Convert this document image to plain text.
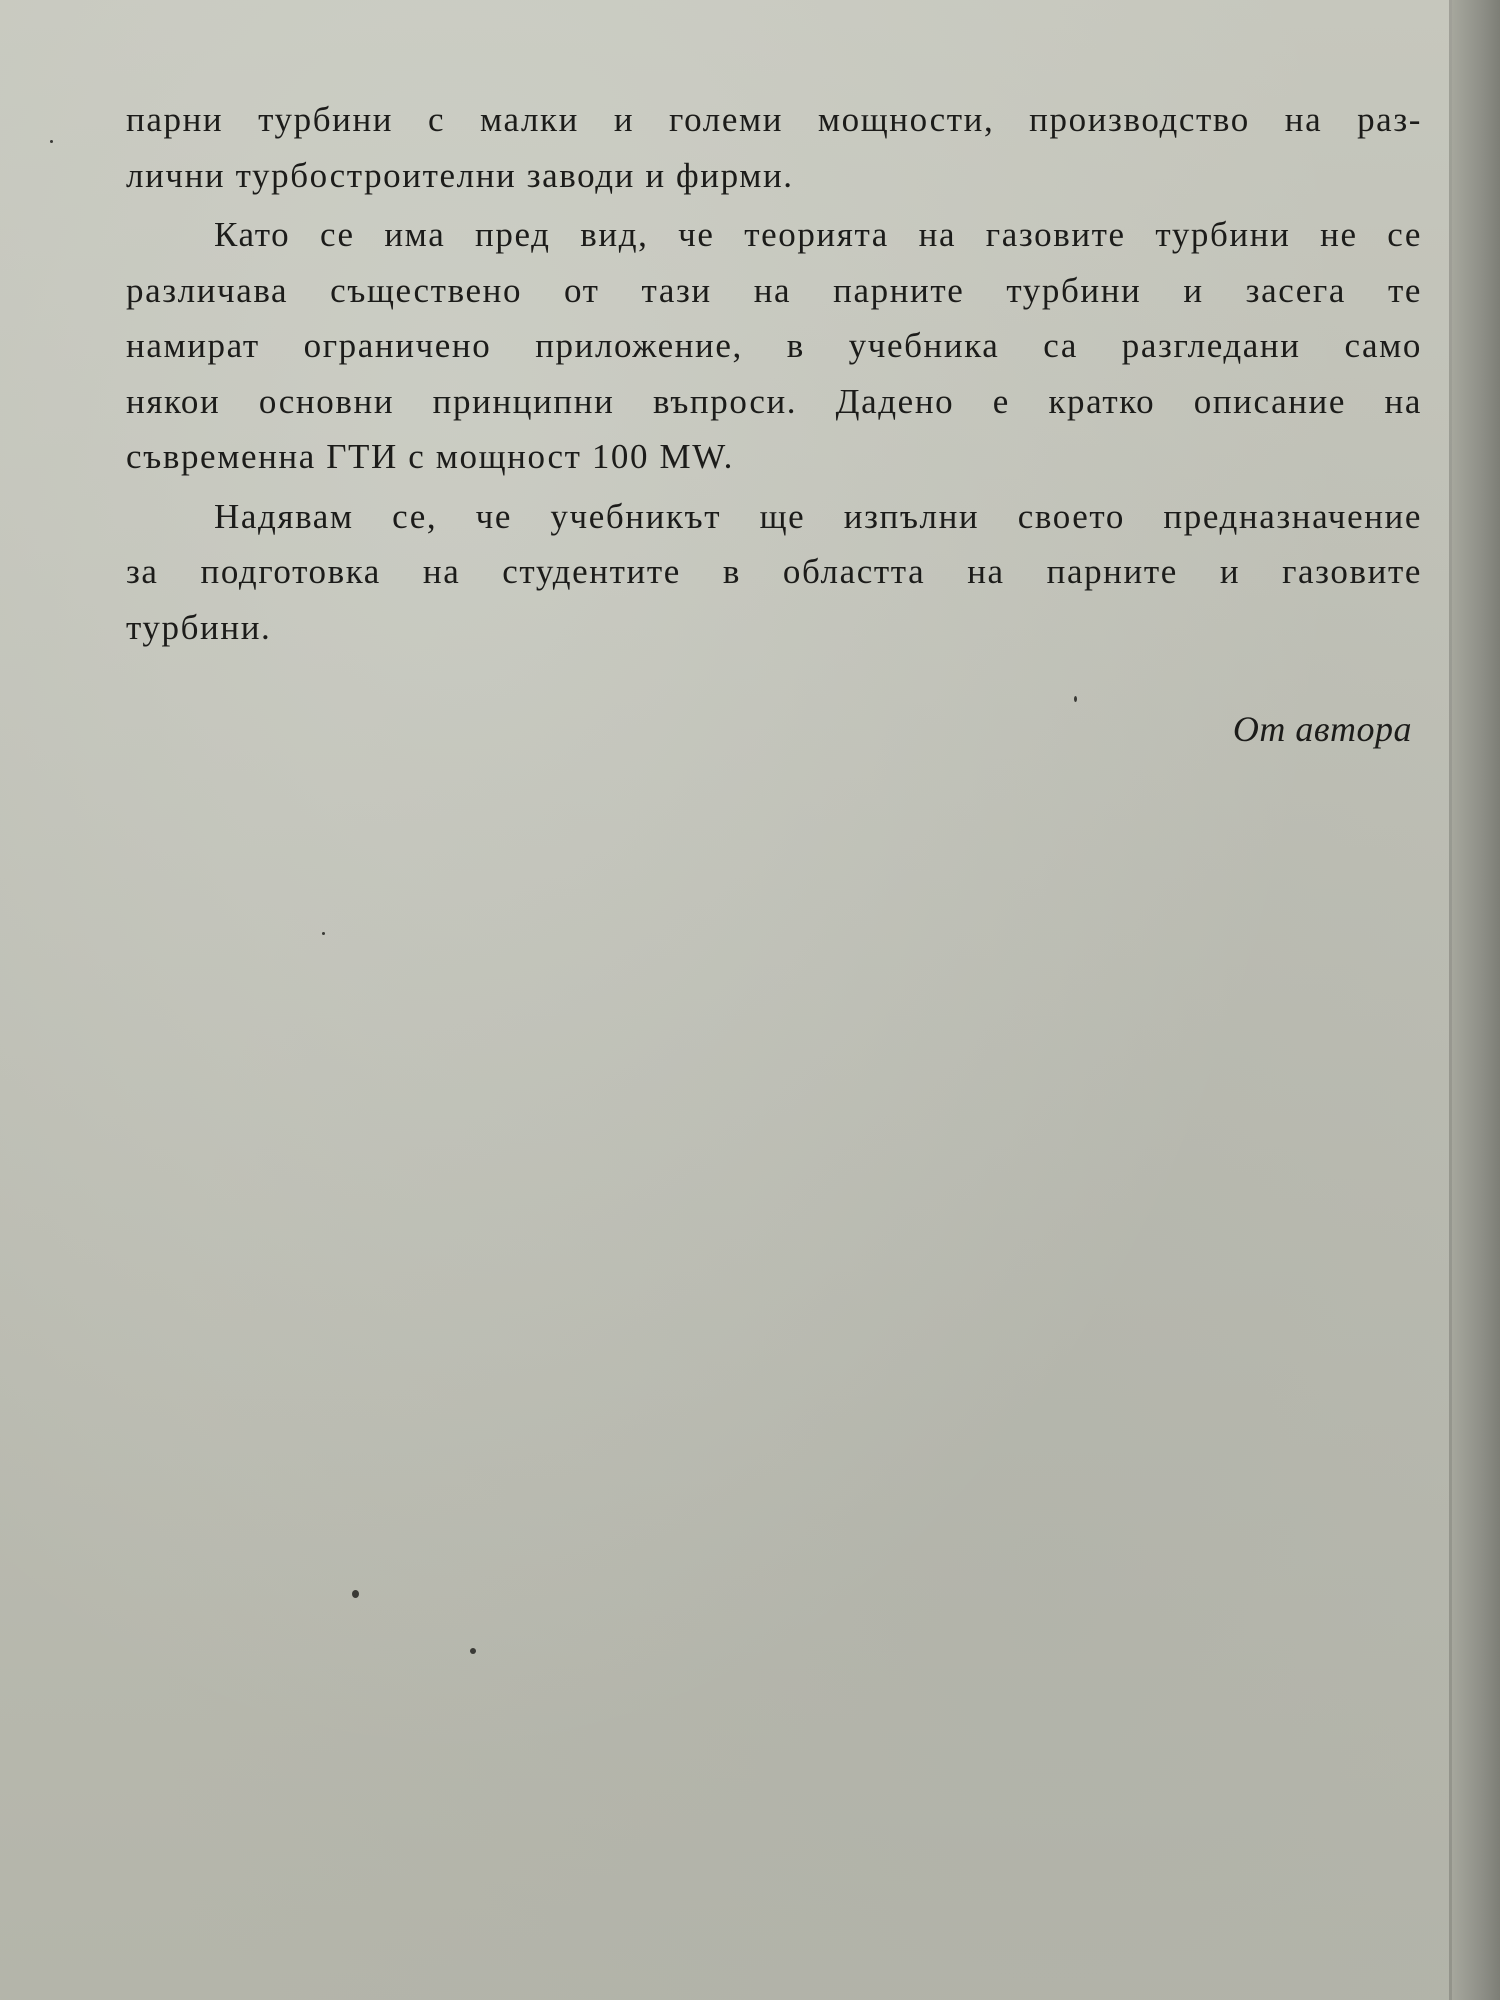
парни турбини с малки и големи мощности, производство на раз-
лични турбостроителни заводи и фирми.
Като се има пред вид, че теорията на газовите турбини не се
различава съществено от тази на парните турбини и засега те
намират ограничено приложение, в учебника са разгледани само
някои основни принципни въпроси. Дадено е кратко описание на
съвременна ГТИ с мощност 100 MW.
Надявам се, че учебникът ще изпълни своето предназначение
за подготовка на студентите в областта на парните и газовите
турбини.
От автора
